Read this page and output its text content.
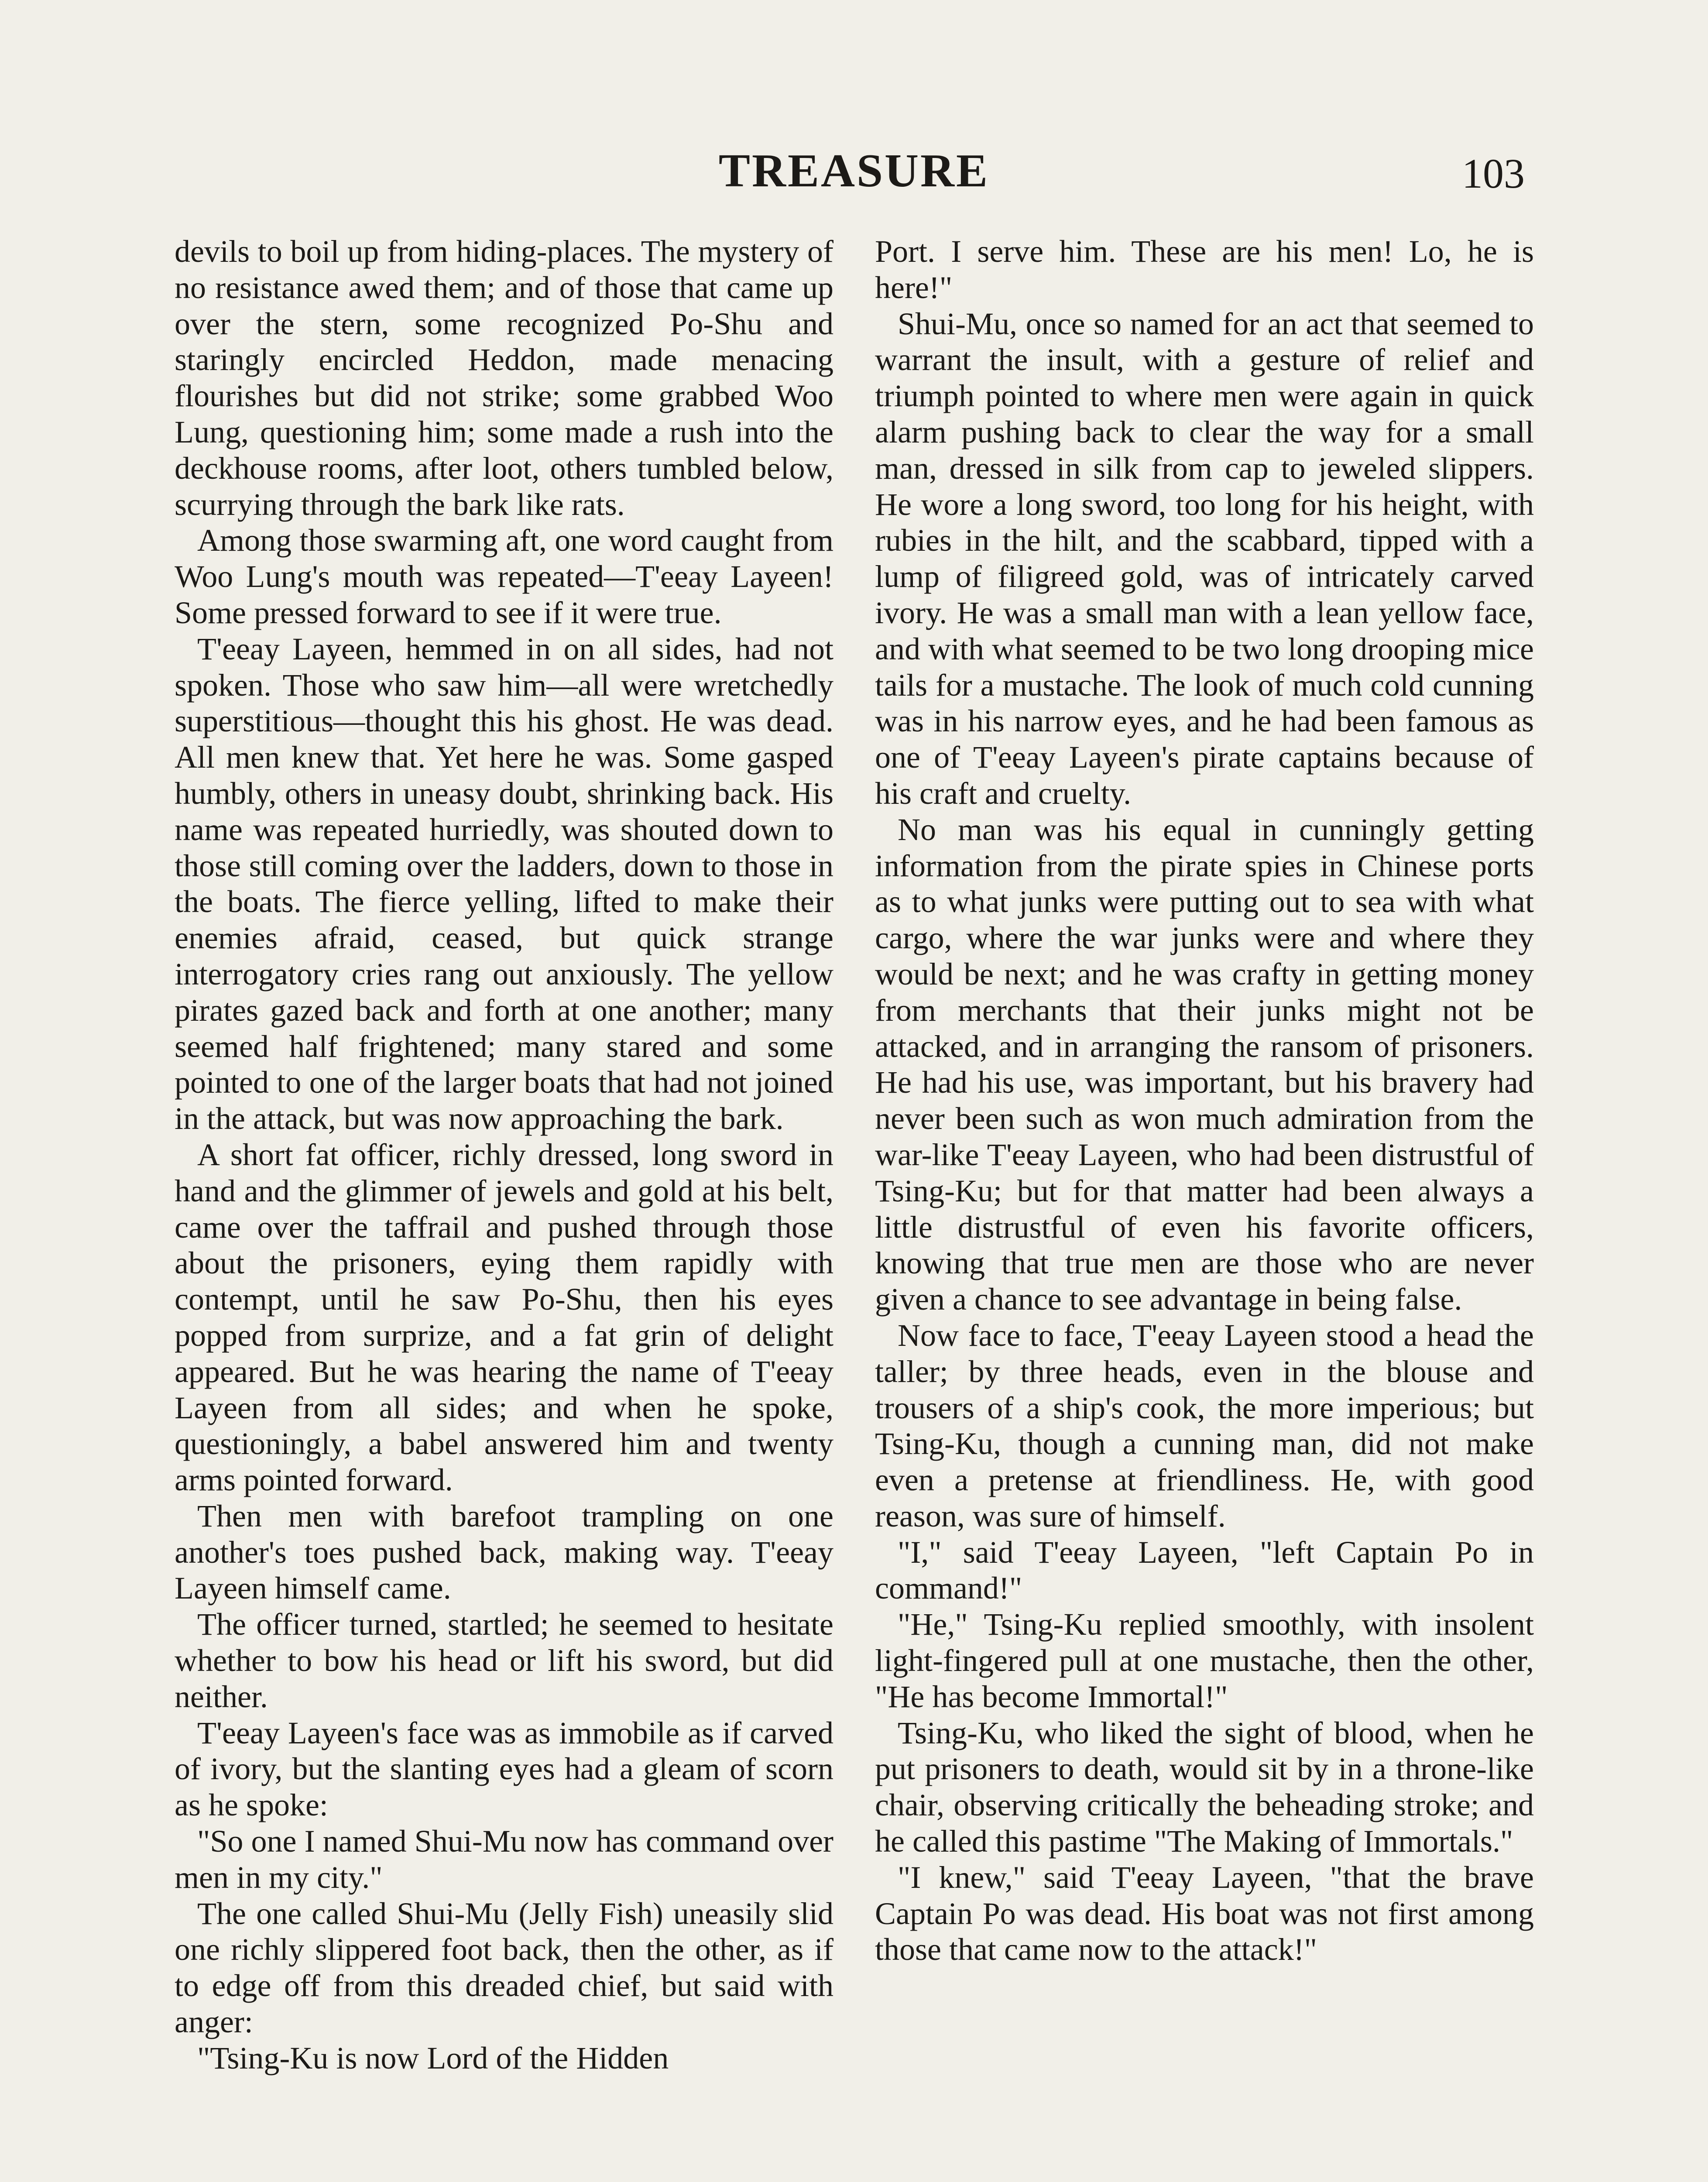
TREASURE	103

devils to boil up from hiding-places. The mystery of no resistance awed them; and of those that came up over the stern, some recognized Po-Shu and staringly encircled Heddon, made menacing flourishes but did not strike; some grabbed Woo Lung, questioning him; some made a rush into the deckhouse rooms, after loot, others tumbled below, scurrying through the bark like rats.

Among those swarming aft, one word caught from Woo Lung's mouth was repeated—T'eeay Layeen! Some pressed forward to see if it were true.

T'eeay Layeen, hemmed in on all sides, had not spoken. Those who saw him—all were wretchedly superstitious—thought this his ghost. He was dead. All men knew that. Yet here he was. Some gasped humbly, others in uneasy doubt, shrinking back. His name was repeated hurriedly, was shouted down to those still coming over the ladders, down to those in the boats. The fierce yelling, lifted to make their enemies afraid, ceased, but quick strange interrogatory cries rang out anxiously. The yellow pirates gazed back and forth at one another; many seemed half frightened; many stared and some pointed to one of the larger boats that had not joined in the attack, but was now approaching the bark.

A short fat officer, richly dressed, long sword in hand and the glimmer of jewels and gold at his belt, came over the taffrail and pushed through those about the prisoners, eying them rapidly with contempt, until he saw Po-Shu, then his eyes popped from surprize, and a fat grin of delight appeared. But he was hearing the name of T'eeay Layeen from all sides; and when he spoke, questioningly, a babel answered him and twenty arms pointed forward.

Then men with barefoot trampling on one another's toes pushed back, making way. T'eeay Layeen himself came.

The officer turned, startled; he seemed to hesitate whether to bow his head or lift his sword, but did neither.

T'eeay Layeen's face was as immobile as if carved of ivory, but the slanting eyes had a gleam of scorn as he spoke:

"So one I named Shui-Mu now has command over men in my city."

The one called Shui-Mu (Jelly Fish) uneasily slid one richly slippered foot back, then the other, as if to edge off from this dreaded chief, but said with anger:

"Tsing-Ku is now Lord of the Hidden

Port. I serve him. These are his men! Lo, he is here!"

Shui-Mu, once so named for an act that seemed to warrant the insult, with a gesture of relief and triumph pointed to where men were again in quick alarm pushing back to clear the way for a small man, dressed in silk from cap to jeweled slippers. He wore a long sword, too long for his height, with rubies in the hilt, and the scabbard, tipped with a lump of filigreed gold, was of intricately carved ivory. He was a small man with a lean yellow face, and with what seemed to be two long drooping mice tails for a mustache. The look of much cold cunning was in his narrow eyes, and he had been famous as one of T'eeay Layeen's pirate captains because of his craft and cruelty.

No man was his equal in cunningly getting information from the pirate spies in Chinese ports as to what junks were putting out to sea with what cargo, where the war junks were and where they would be next; and he was crafty in getting money from merchants that their junks might not be attacked, and in arranging the ransom of prisoners. He had his use, was important, but his bravery had never been such as won much admiration from the war-like T'eeay Layeen, who had been distrustful of Tsing-Ku; but for that matter had been always a little distrustful of even his favorite officers, knowing that true men are those who are never given a chance to see advantage in being false.

Now face to face, T'eeay Layeen stood a head the taller; by three heads, even in the blouse and trousers of a ship's cook, the more imperious; but Tsing-Ku, though a cunning man, did not make even a pretense at friendliness. He, with good reason, was sure of himself.

"I," said T'eeay Layeen, "left Captain Po in command!"

"He," Tsing-Ku replied smoothly, with insolent light-fingered pull at one mustache, then the other, "He has become Immortal!"

Tsing-Ku, who liked the sight of blood, when he put prisoners to death, would sit by in a throne-like chair, observing critically the beheading stroke; and he called this pastime "The Making of Immortals."

"I knew," said T'eeay Layeen, "that the brave Captain Po was dead. His boat was not first among those that came now to the attack!"
